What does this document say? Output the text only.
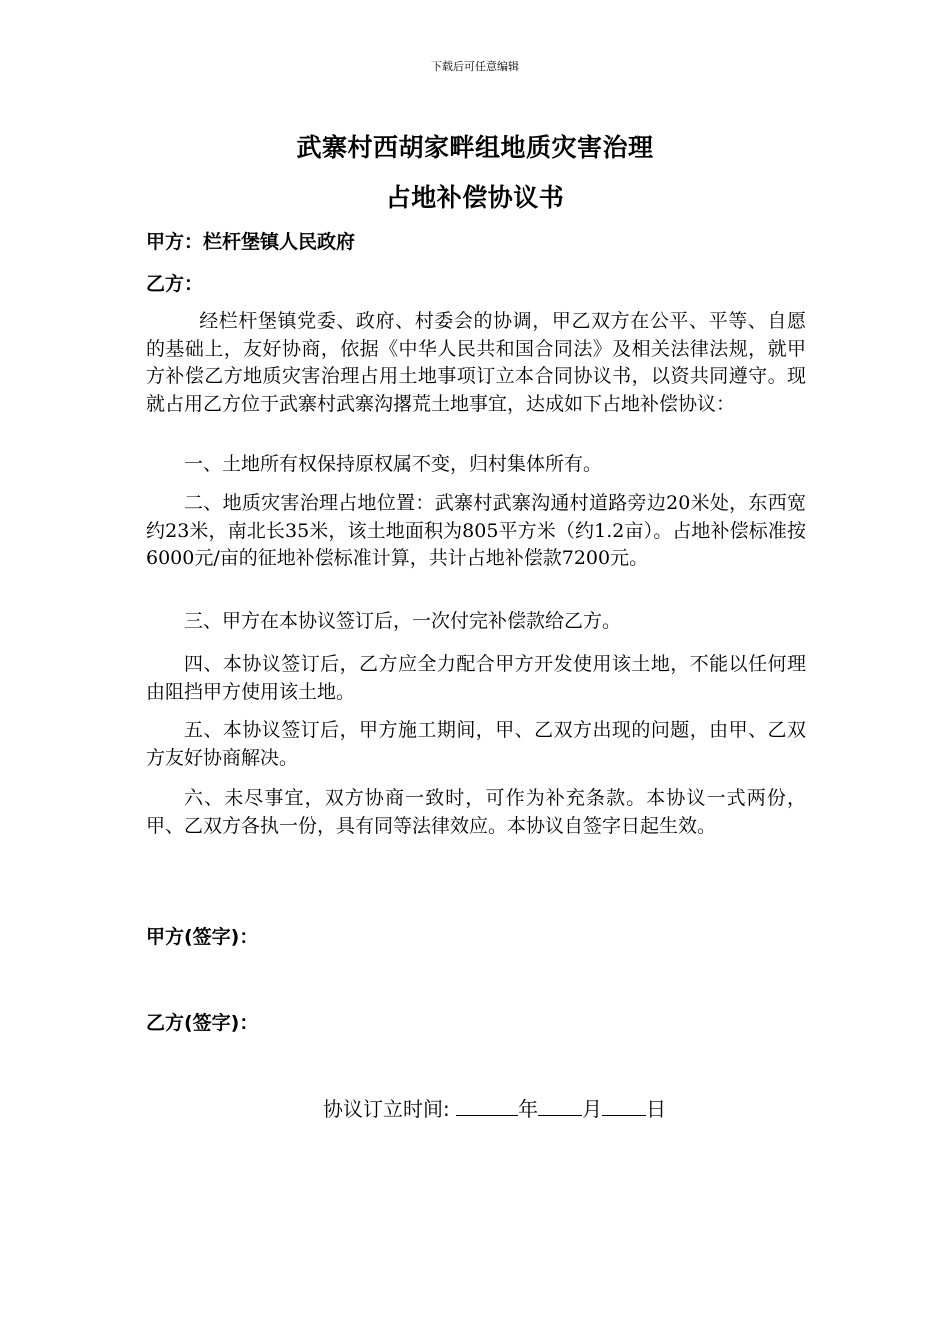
下载后可任意编辑
武寨村西胡家畔组地质灾害治理
占地补偿协议书
甲方：栏杆堡镇人民政府
乙方：
经栏杆堡镇党委、政府、村委会的协调，甲乙双方在公平、平等、自愿的基础上，友好协商，依据《中华人民共和国合同法》及相关法律法规，就甲方补偿乙方地质灾害治理占用土地事项订立本合同协议书，以资共同遵守。现就占用乙方位于武寨村武寨沟撂荒土地事宜，达成如下占地补偿协议：
一、土地所有权保持原权属不变，归村集体所有。
二、地质灾害治理占地位置：武寨村武寨沟通村道路旁边20米处，东西宽约23米，南北长35米，该土地面积为805平方米（约1.2亩）。占地补偿标准按6000元/亩的征地补偿标准计算，共计占地补偿款7200元。
三、甲方在本协议签订后，一次付完补偿款给乙方。
四、本协议签订后，乙方应全力配合甲方开发使用该土地，不能以任何理由阻挡甲方使用该土地。
五、本协议签订后，甲方施工期间，甲、乙双方出现的问题，由甲、乙双方友好协商解决。
六、未尽事宜，双方协商一致时，可作为补充条款。本协议一式两份，甲、乙双方各执一份，具有同等法律效应。本协议自签字日起生效。
甲方(签字)：
乙方(签字)：
协议订立时间:	年 月 日
